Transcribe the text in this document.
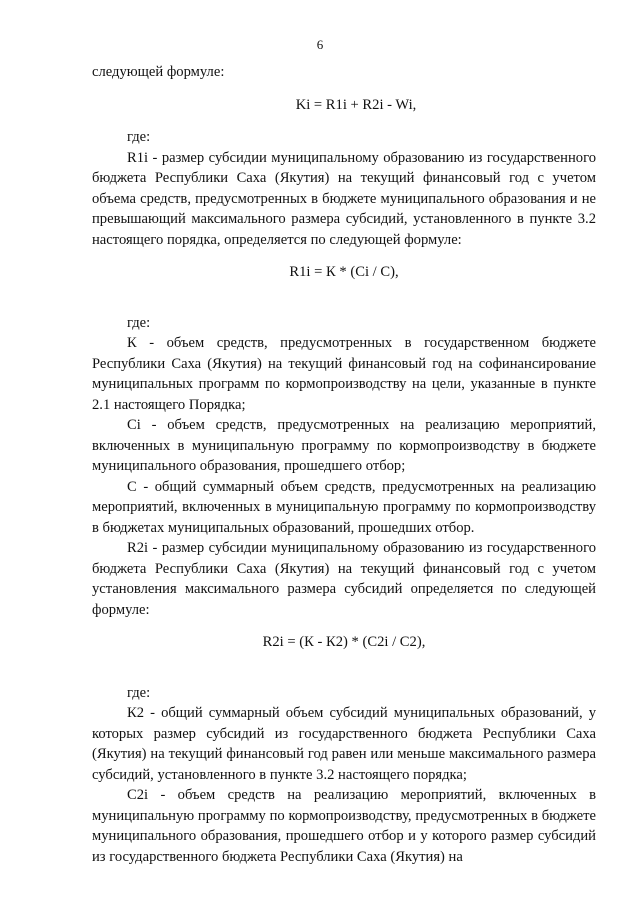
6

следующей формуле:

Ki = R1i + R2i - Wi,

где:

R1i - размер субсидии муниципальному образованию из государственного бюджета Республики Саха (Якутия) на текущий финансовый год с учетом объема средств, предусмотренных в бюджете муниципального образования и не превышающий максимального размера субсидий, установленного в пункте 3.2 настоящего порядка, определяется по следующей формуле:

R1i = К * (Ci / С),

где:

К - объем средств, предусмотренных в государственном бюджете Республики Саха (Якутия) на текущий финансовый год на софинансирование муниципальных программ по кормопроизводству на цели, указанные в пункте 2.1 настоящего Порядка;

Ci - объем средств, предусмотренных на реализацию мероприятий, включенных в муниципальную программу по кормопроизводству в бюджете муниципального образования, прошедшего отбор;

С - общий суммарный объем средств, предусмотренных на реализацию мероприятий, включенных в муниципальную программу по кормопроизводству в бюджетах муниципальных образований, прошедших отбор.

R2i - размер субсидии муниципальному образованию из государственного бюджета Республики Саха (Якутия) на текущий финансовый год с учетом установления максимального размера субсидий определяется по следующей формуле:

R2i = (К - К2) * (С2i / С2),

где:

К2 - общий суммарный объем субсидий муниципальных образований, у которых размер субсидий из государственного бюджета Республики Саха (Якутия) на текущий финансовый год равен или меньше максимального размера субсидий, установленного в пункте 3.2 настоящего порядка;

С2i - объем средств на реализацию мероприятий, включенных в муниципальную программу по кормопроизводству, предусмотренных в бюджете муниципального образования, прошедшего отбор и у которого размер субсидий из государственного бюджета Республики Саха (Якутия) на
